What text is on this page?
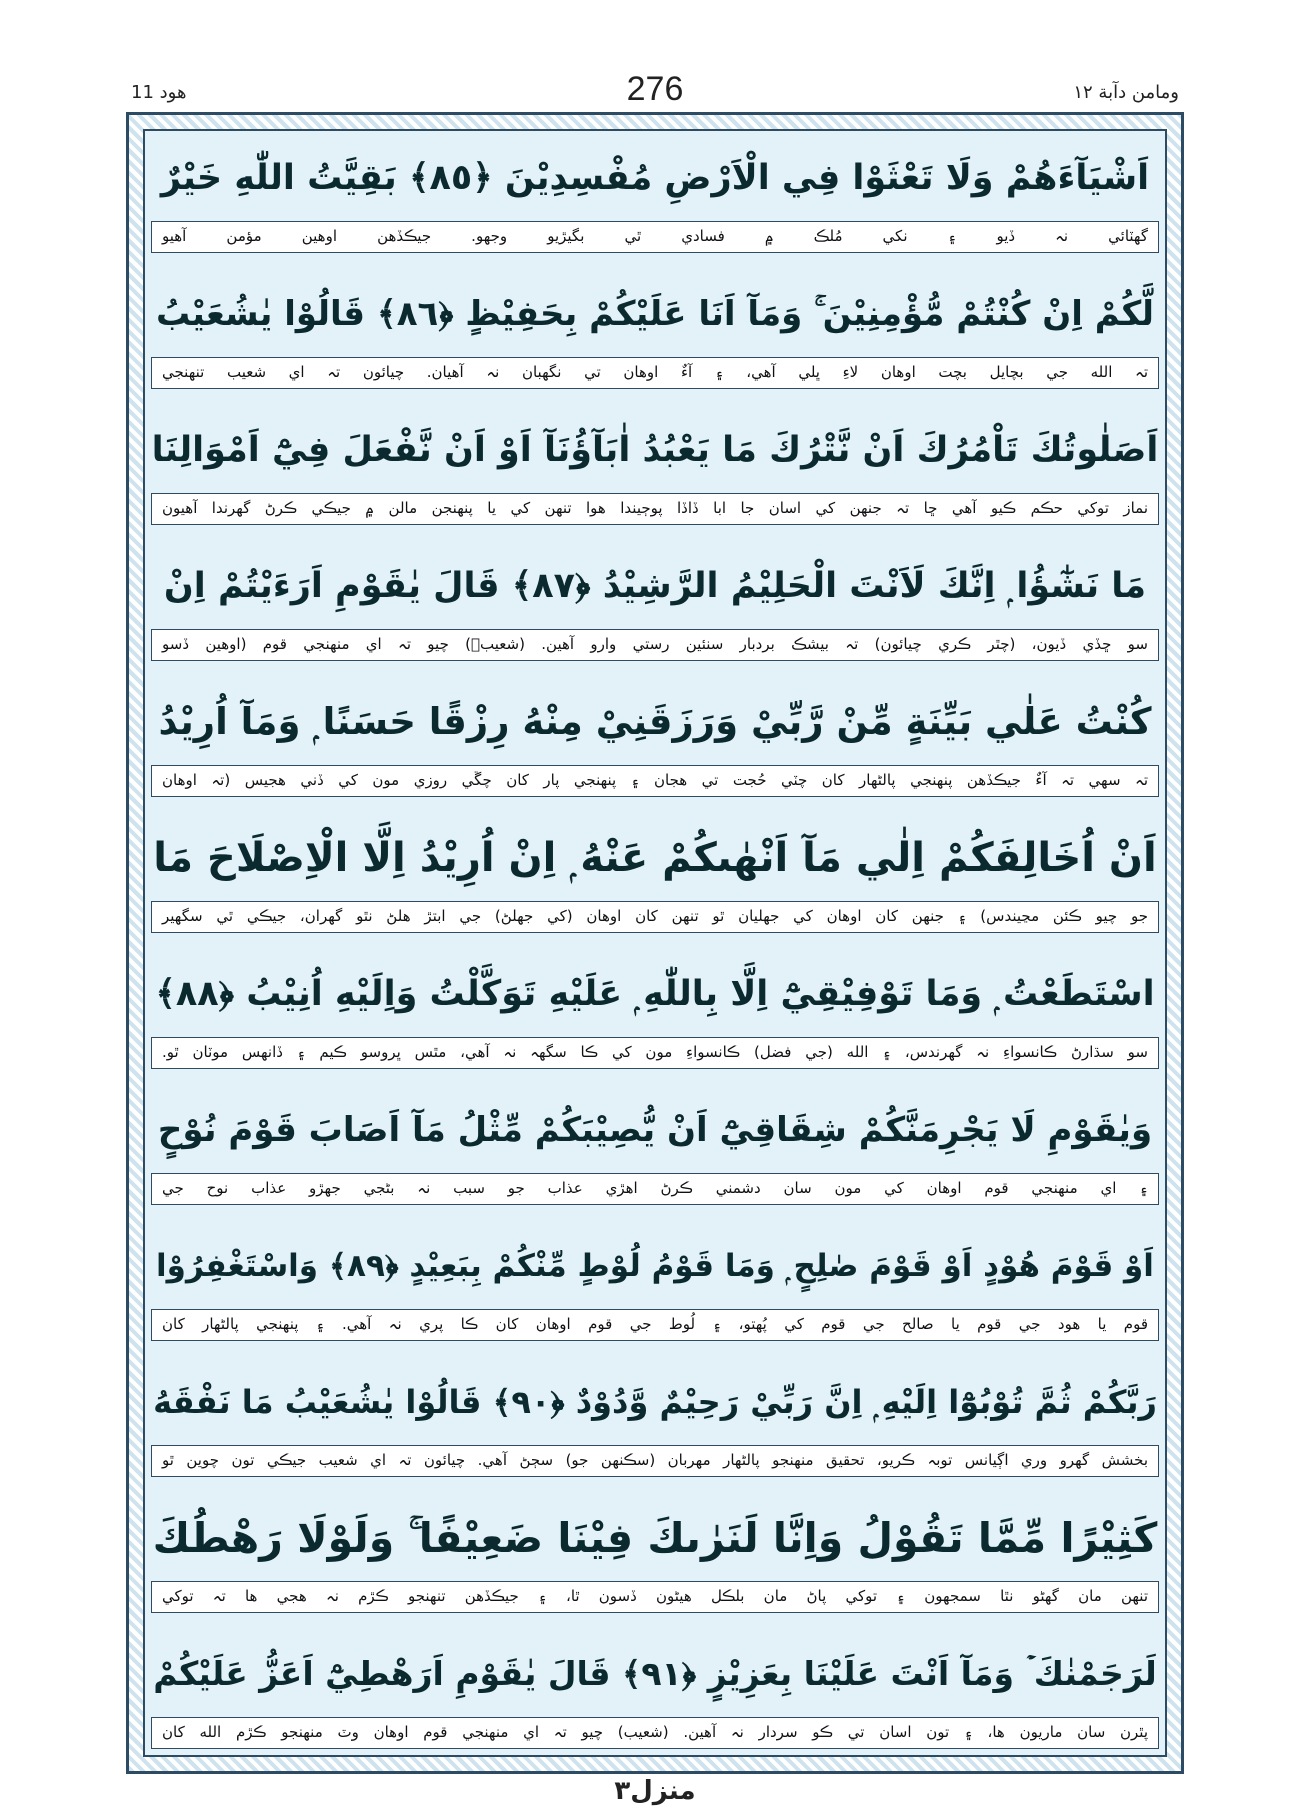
هود 11	276	ومامن دآبة ١٢
اَشْيَآءَهُمْ وَلَا تَعْثَوْا فِي الْاَرْضِ مُفْسِدِيْنَ ﴿٨٥﴾ بَقِيَّتُ اللّٰهِ خَيْرٌ
گهٽائي نہ ڏيو ۽ نکي مُلڪ ۾ فسادي ٿي بگيڙيو وجهو. جيڪڏهن اوهين مؤمن آهيو
لَّكُمْ اِنْ كُنْتُمْ مُّؤْمِنِيْنَ ۚ وَمَآ اَنَا عَلَيْكُمْ بِحَفِيْظٍ ﴿٨٦﴾ قَالُوْا يٰشُعَيْبُ
تہ الله جي بچايل بچت اوهان لاءِ ڀلي آهي، ۽ آءٌ اوهان تي نگهبان نہ آهيان. چيائون تہ اي شعيب تنهنجي
اَصَلٰوتُكَ تَاْمُرُكَ اَنْ نَّتْرُكَ مَا يَعْبُدُ اٰبَآؤُنَآ اَوْ اَنْ نَّفْعَلَ فِيْٓ اَمْوَالِنَا
نماز توکي حڪم ڪيو آهي ڇا تہ جنهن کي اسان جا ابا ڏاڏا پوڄيندا هوا تنهن کي يا پنهنجن مالن ۾ جيڪي ڪرڻ گهرندا آهيون
مَا نَشٰٓؤُا ۭ اِنَّكَ لَاَنْتَ الْحَلِيْمُ الرَّشِيْدُ ﴿٨٧﴾ قَالَ يٰقَوْمِ اَرَءَيْتُمْ اِنْ
سو ڇڏي ڏيون، (چٿر ڪري چيائون) تہ بيشڪ بردبار سنئين رستي وارو آهين. (شعيبؑ) چيو تہ اي منهنجي قوم (اوهين ڏسو
كُنْتُ عَلٰي بَيِّنَةٍ مِّنْ رَّبِّيْ وَرَزَقَنِيْ مِنْهُ رِزْقًا حَسَنًا ۭ وَمَآ اُرِيْدُ
تہ سهي تہ آءٌ جيڪڏهن پنهنجي پالڻهار کان چٽي حُجت تي هجان ۽ پنهنجي پار کان چڱي روزي مون کي ڏني هجيس (تہ اوهان
اَنْ اُخَالِفَكُمْ اِلٰي مَآ اَنْهٰىكُمْ عَنْهُ ۭ اِنْ اُرِيْدُ اِلَّا الْاِصْلَاحَ مَا
جو چيو ڪئن مڃيندس) ۽ جنهن کان اوهان کي جهليان ٿو تنهن کان اوهان (کي جهلڻ) جي ابتڙ هلڻ نٿو گهران، جيڪي ٿي سگهير
اسْتَطَعْتُ ۭ وَمَا تَوْفِيْقِيْٓ اِلَّا بِاللّٰهِ ۭ عَلَيْهِ تَوَكَّلْتُ وَاِلَيْهِ اُنِيْبُ ﴿٨٨﴾
سو سڌارڻ ڪانسواءِ نہ گهرندس، ۽ الله (جي فضل) ڪانسواءِ مون کي ڪا سگهہ نہ آهي، مٿس ڀروسو ڪيم ۽ ڏانهس موٽان ٿو.
وَيٰقَوْمِ لَا يَجْرِمَنَّكُمْ شِقَاقِيْٓ اَنْ يُّصِيْبَكُمْ مِّثْلُ مَآ اَصَابَ قَوْمَ نُوْحٍ
۽ اي منهنجي قوم اوهان کي مون سان دشمني ڪرڻ اهڙي عذاب جو سبب نہ بڻجي جهڙو عذاب نوح جي
اَوْ قَوْمَ هُوْدٍ اَوْ قَوْمَ صٰلِحٍ ۭ وَمَا قَوْمُ لُوْطٍ مِّنْكُمْ بِبَعِيْدٍ ﴿٨٩﴾ وَاسْتَغْفِرُوْا
قوم يا هود جي قوم يا صالح جي قوم کي پُهتو، ۽ لُوط جي قوم اوهان کان ڪا پري نہ آهي. ۽ پنهنجي پالڻهار کان
رَبَّكُمْ ثُمَّ تُوْبُوْٓا اِلَيْهِ ۭ اِنَّ رَبِّيْ رَحِيْمٌ وَّدُوْدٌ ﴿٩٠﴾ قَالُوْا يٰشُعَيْبُ مَا نَفْقَهُ
بخشش گهرو وري اڳيانس توبہ ڪريو، تحقيق منهنجو پالڻهار مهربان (سڪنهن جو) سڄڻ آهي. چيائون تہ اي شعيب جيڪي تون چوين ٿو
كَثِيْرًا مِّمَّا تَقُوْلُ وَاِنَّا لَنَرٰىكَ فِيْنَا ضَعِيْفًا ۚ وَلَوْلَا رَهْطُكَ
تنهن مان گهڻو نٿا سمجهون ۽ توکي پاڻ مان بلڪل هيڻون ڏسون ٿا، ۽ جيڪڏهن تنهنجو ڪڙم نہ هجي ها تہ توکي
لَرَجَمْنٰكَ ۡ وَمَآ اَنْتَ عَلَيْنَا بِعَزِيْزٍ ﴿٩١﴾ قَالَ يٰقَوْمِ اَرَهْطِيْٓ اَعَزُّ عَلَيْكُمْ
پٿرن سان ماريون ها، ۽ تون اسان تي ڪو سردار نہ آهين. (شعيب) چيو تہ اي منهنجي قوم اوهان وٽ منهنجو ڪڙم الله کان
منزل٣
